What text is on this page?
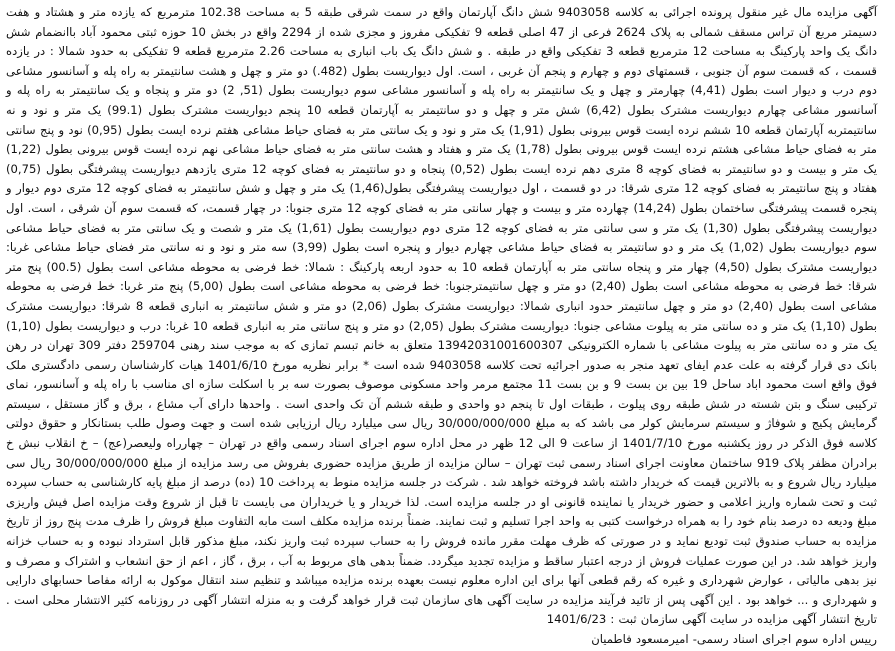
آگهی مزایده مال غیر منقول پرونده اجرائی به کلاسه 9403058 شش دانگ آپارتمان واقع در سمت شرقی طبقه 5 به مساحت 102.38 مترمربع که یازده متر و هشتاد و هفت دسیمتر مربع آن تراس مسقف شمالی به پلاک 2624 فرعی از 47 اصلی قطعه 9 تفکیکی مفروز و مجزی شده از 2294 واقع در بخش 10 حوزه ثبتی محمود آباد باانضمام شش دانگ یک واحد پارکینگ به مساحت 12 مترمربع قطعه 3 تفکیکی واقع در طبقه . و شش دانگ یک باب انباری به مساحت 2.26 مترمربع قطعه 9 تفکیکی به حدود شمالا : در یازده قسمت ، که قسمت سوم آن جنوبی ، قسمتهای دوم و چهارم و پنجم آن غربی ، است. اول دیواریست بطول (482.) دو متر و چهل و هشت سانتیمتر به راه پله و آسانسور مشاعی دوم درب و دیوار است بطول (4,41) چهارمتر و چهل و یک سانتیمتر به راه پله و آسانسور مشاعی سوم دیواریست بطول (51, 2) دو متر و پنجاه و یک سانتیمتر به راه پله و آسانسور مشاعی چهارم دیواریست مشترک بطول (6,42) شش متر و چهل و دو سانتیمتر به آپارتمان قطعه 10 پنجم دیواریست مشترک بطول (99.1) یک متر و نود و نه سانتیمتربه آپارتمان قطعه 10 ششم نرده ایست قوس بیرونی بطول (1,91) یک متر و نود و یک سانتی متر به فضای حیاط مشاعی هفتم نرده ایست بطول (0,95) نود و پنج سانتی متر به فضای حیاط مشاعی هشتم نرده ایست قوس بیرونی بطول (1,78) یک متر و هفتاد و هشت سانتی متر به فضای حیاط مشاعی نهم نرده ایست قوس بیرونی بطول (1,22) یک متر و بیست و دو سانتیمتر به فضای کوچه 8 متری دهم نرده ایست بطول (0,52) پنجاه و دو سانتیمتر به فضای کوچه 12 متری یازدهم دیواریست پیشرفتگی بطول (0,75) هفتاد و پنج سانتیمتر به فضای کوچه 12 متری شرقا: در دو قسمت ، اول دیواریست پیشرفتگی بطول(1,46) یک متر و چهل و شش سانتیمتر به فضای کوچه 12 متری دوم دیوار و پنجره قسمت پیشرفتگی ساختمان بطول (14,24) چهارده متر و بیست و چهار سانتی متر به فضای کوچه 12 متری جنوبا: در چهار قسمت، که قسمت سوم آن شرقی ، است. اول دیواریست پیشرفتگی بطول (1,30) یک متر و سی سانتی متر به فضای کوچه 12 متری دوم دیواریست بطول (1,61) یک متر و شصت و یک سانتی متر به فضای حیاط مشاعی سوم دیواریست بطول (1,02) یک متر و دو سانتیمتر به فضای حیاط مشاعی چهارم دیوار و پنجره است بطول (3,99) سه متر و نود و نه سانتی متر فضای حیاط مشاعی غربا: دیواریست مشترک بطول (4,50) چهار متر و پنجاه سانتی متر به آپارتمان قطعه 10 به حدود اربعه پارکینگ : شمالا: خط فرضی به محوطه مشاعی است بطول (00.5) پنج متر شرقا: خط فرضی به محوطه مشاعی است بطول (2,40) دو متر و چهل سانتیمترجنوبا: خط فرضی به محوطه مشاعی است بطول (5,00) پنج متر غربا: خط فرضی به محوطه مشاعی است بطول (2,40) دو متر و چهل سانتیمتر حدود انباری شمالا: دیواریست مشترک بطول (2,06) دو متر و شش سانتیمتر به انباری قطعه 8 شرقا: دیواریست مشترک بطول (1,10) یک متر و ده سانتی متر به پیلوت مشاعی جنوبا: دیواریست مشترک بطول (2,05) دو متر و پنج سانتی متر به انباری قطعه 10 غربا: درب و دیواریست بطول (1,10) یک متر و ده سانتی متر به پیلوت مشاعی با شماره الکترونیکی 13942031001600307 متعلق به خانم تبسم تمازی که به موجب سند رهنی 259704 دفتر 309 تهران در رهن بانک دی قرار گرفته به علت عدم ایفای تعهد منجر به صدور اجرائیه تحت کلاسه 9403058 شده است * برابر نظریه مورخ 1401/6/10 هیات کارشناسان رسمی دادگستری ملک فوق واقع است محمود اباد ساحل 19 بین بن بست 9 و بن بست 11 مجتمع مرمر واحد مسکونی موصوف بصورت سه بر با اسکلت سازه ای مناسب با راه پله و آسانسور، نمای ترکیبی سنگ و بتن شسته در شش طبقه روی پیلوت ، طبقات اول تا پنجم دو واحدی و طبقه ششم آن تک واحدی است . واحدها دارای آب مشاع ، برق و گاز مستقل ، سیستم گرمایش پکیج و شوفاژ و سیستم سرمایش کولر می باشد که به مبلغ 30/000/000/000 ریال سی میلیارد ریال ارزیابی شده است و جهت وصول طلب بستانکار و حقوق دولتی کلاسه فوق الذکر در روز یکشنبه مورخ 1401/7/10 از ساعت 9 الی 12 ظهر در محل اداره سوم اجرای اسناد رسمی واقع در تهران – چهارراه ولیعصر(عج) – خ انقلاب نبش خ برادران مظفر پلاک 919 ساختمان معاونت اجرای اسناد رسمی ثبت تهران – سالن مزایده از طریق مزایده حضوری بفروش می رسد مزایده از مبلغ 30/000/000/000 ریال سی میلیارد ریال شروع و به بالاترین قیمت که خریدار داشته باشد فروخته خواهد شد . شرکت در جلسه مزایده منوط به پرداخت 10 (ده) درصد از مبلغ پایه کارشناسی به حساب سپرده ثبت و تحت شماره واریز اعلامی و حضور خریدار یا نماینده قانونی او در جلسه مزایده است. لذا خریدار و یا خریداران می بایست تا قبل از شروع وقت مزایده اصل فیش واریزی مبلغ ودیعه ده درصد بنام خود را به همراه درخواست کتبی به واحد اجرا تسلیم و ثبت نمایند. ضمناً برنده مزایده مکلف است مابه التفاوت مبلغ فروش را ظرف مدت پنج روز از تاریخ مزایده به حساب صندوق ثبت تودیع نماید و در صورتی که ظرف مهلت مقرر مانده فروش را به حساب سپرده ثبت واریز نکند، مبلغ مذکور قابل استرداد نبوده و به حساب خزانه واریز خواهد شد. در این صورت عملیات فروش از درجه اعتبار ساقط و مزایده تجدید میگردد. ضمناً بدهی های مربوط به آب ، برق ، گاز ، اعم از حق انشعاب و اشتراک و مصرف و نیز بدهی مالیاتی ، عوارض شهرداری و غیره که رقم قطعی آنها برای این اداره معلوم نیست بعهده برنده مزایده میباشد و تنظیم سند انتقال موکول به ارائه مفاصا حسابهای دارایی و شهرداری و ... خواهد بود . این آگهی پس از تائید فرآیند مزایده در سایت آگهی های سازمان ثبت قرار خواهد گرفت و به منزله انتشار آگهی در روزنامه کثیر الانتشار محلی است . تاریخ انتشار آگهی مزایده در سایت آگهی سازمان ثبت : 1401/6/23

رییس اداره سوم اجرای اسناد رسمی- امیرمسعود فاطمیان
